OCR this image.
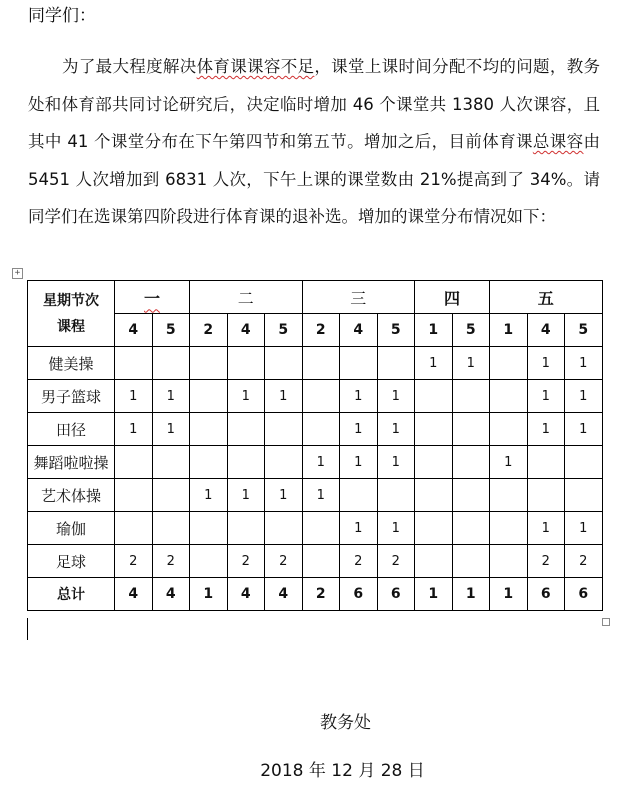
同学们：

为了最大程度解决体育课课容不足，课堂上课时间分配不均的问题，教务处和体育部共同讨论研究后，决定临时增加 46 个课堂共 1380 人次课容，且其中 41 个课堂分布在下午第四节和第五节。增加之后，目前体育课总课容由 5451 人次增加到 6831 人次，下午上课的课堂数由 21%提高到了 34%。请同学们在选课第四阶段进行体育课的退补选。增加的课堂分布情况如下：

+
星期节次
课程	一		二			三			四		五		
	4	5	2	4	5	2	4	5	1	5	1	4	5
健美操									1	1		1	1
男子篮球	1	1		1	1		1	1				1	1
田径	1	1					1	1				1	1
舞蹈啦啦操						1	1	1			1		
艺术体操			1	1	1	1							
瑜伽							1	1				1	1
足球	2	2		2	2		2	2				2	2
总计	4	4	1	4	4	2	6	6	1	1	1	6	6
教务处
2018 年 12 月 28 日
